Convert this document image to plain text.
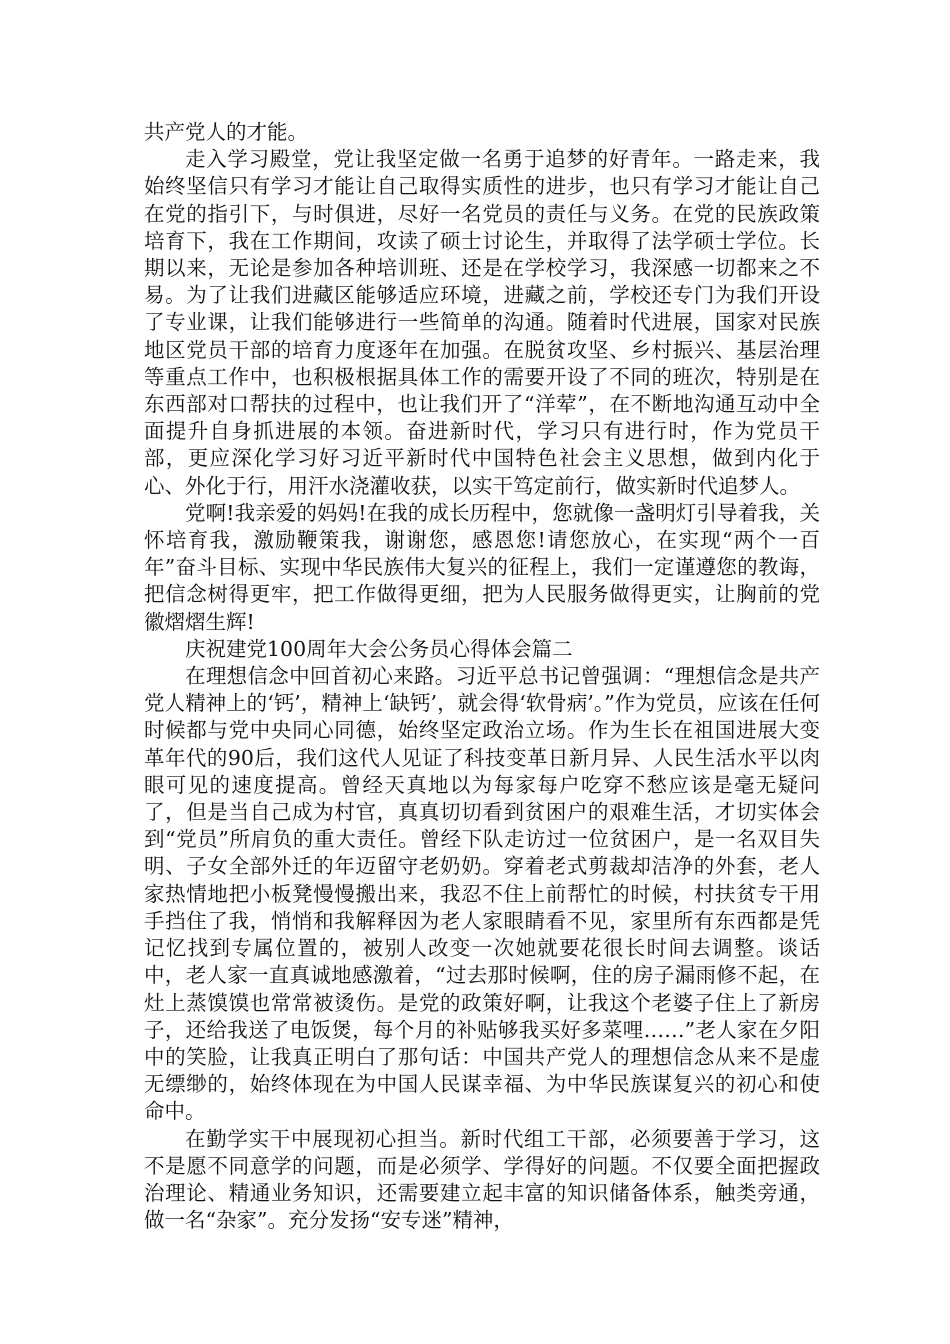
共产党人的才能。

走入学习殿堂，党让我坚定做一名勇于追梦的好青年。一路走来，我始终坚信只有学习才能让自己取得实质性的进步，也只有学习才能让自己在党的指引下，与时俱进，尽好一名党员的责任与义务。在党的民族政策培育下，我在工作期间，攻读了硕士讨论生，并取得了法学硕士学位。长期以来，无论是参加各种培训班、还是在学校学习，我深感一切都来之不易。为了让我们进藏区能够适应环境，进藏之前，学校还专门为我们开设了专业课，让我们能够进行一些简单的沟通。随着时代进展，国家对民族地区党员干部的培育力度逐年在加强。在脱贫攻坚、乡村振兴、基层治理等重点工作中，也积极根据具体工作的需要开设了不同的班次，特别是在东西部对口帮扶的过程中，也让我们开了“洋荤”，在不断地沟通互动中全面提升自身抓进展的本领。奋进新时代，学习只有进行时，作为党员干部，更应深化学习好习近平新时代中国特色社会主义思想，做到内化于心、外化于行，用汗水浇灌收获，以实干笃定前行，做实新时代追梦人。

党啊!我亲爱的妈妈!在我的成长历程中，您就像一盏明灯引导着我，关怀培育我，激励鞭策我，谢谢您，感恩您!请您放心，在实现“两个一百年”奋斗目标、实现中华民族伟大复兴的征程上，我们一定谨遵您的教诲，把信念树得更牢，把工作做得更细，把为人民服务做得更实，让胸前的党徽熠熠生辉!

庆祝建党100周年大会公务员心得体会篇二

在理想信念中回首初心来路。习近平总书记曾强调：“理想信念是共产党人精神上的‘钙’，精神上‘缺钙’，就会得‘软骨病’。”作为党员，应该在任何时候都与党中央同心同德，始终坚定政治立场。作为生长在祖国进展大变革年代的90后，我们这代人见证了科技变革日新月异、人民生活水平以肉眼可见的速度提高。曾经天真地以为每家每户吃穿不愁应该是毫无疑问了，但是当自己成为村官，真真切切看到贫困户的艰难生活，才切实体会到“党员”所肩负的重大责任。曾经下队走访过一位贫困户，是一名双目失明、子女全部外迁的年迈留守老奶奶。穿着老式剪裁却洁净的外套，老人家热情地把小板凳慢慢搬出来，我忍不住上前帮忙的时候，村扶贫专干用手挡住了我，悄悄和我解释因为老人家眼睛看不见，家里所有东西都是凭记忆找到专属位置的，被别人改变一次她就要花很长时间去调整。谈话中，老人家一直真诚地感激着，“过去那时候啊，住的房子漏雨修不起，在灶上蒸馍馍也常常被烫伤。是党的政策好啊，让我这个老婆子住上了新房子，还给我送了电饭煲，每个月的补贴够我买好多菜哩……”老人家在夕阳中的笑脸，让我真正明白了那句话：中国共产党人的理想信念从来不是虚无缥缈的，始终体现在为中国人民谋幸福、为中华民族谋复兴的初心和使命中。

在勤学实干中展现初心担当。新时代组工干部，必须要善于学习，这不是愿不同意学的问题，而是必须学、学得好的问题。不仅要全面把握政治理论、精通业务知识，还需要建立起丰富的知识储备体系，触类旁通，做一名“杂家”。充分发扬“安专迷”精神，
